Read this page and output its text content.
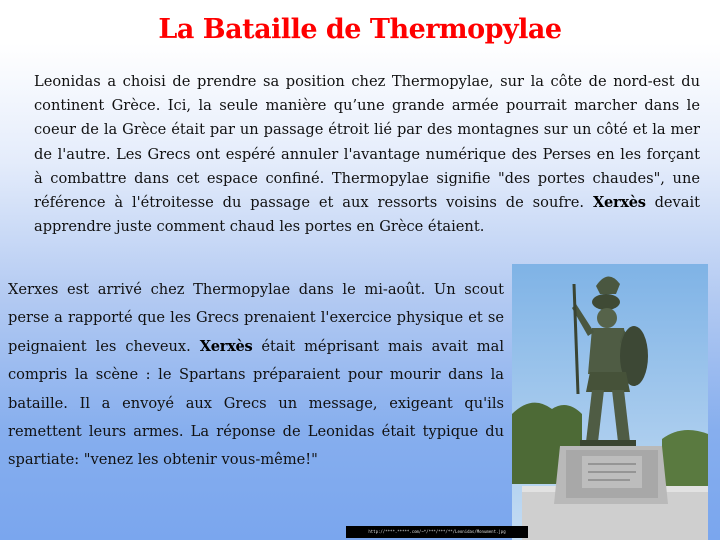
La Bataille de Thermopylae
Leonidas a choisi de prendre sa position chez Thermopylae, sur la côte de nord-est du continent Grèce. Ici, la seule manière qu’une grande armée pourrait marcher dans le coeur de la Grèce était par un passage étroit lié par des montagnes sur un côté et la mer de l'autre. Les Grecs ont espéré annuler l'avantage numérique des Perses en les forçant à combattre dans cet espace confiné. Thermopylae signifie "des portes chaudes", une référence à l'étroitesse du passage et aux ressorts voisins de soufre. Xerxès devait apprendre juste comment chaud les portes en Grèce étaient.
Xerxes est arrivé chez Thermopylae dans le mi-août. Un scout perse a rapporté que les Grecs prenaient l'exercice physique et se peignaient les cheveux. Xerxès était méprisant mais avait mal compris la scène : le Spartans préparaient pour mourir dans la bataille. Il a envoyé aux Grecs un message, exigeant qu'ils remettent leurs armes. La réponse de Leonidas était typique du spartiate: "venez les obtenir vous-même!"
http://****.*****.com/~*/***/***/**/Leonidas/Monument.jpg
